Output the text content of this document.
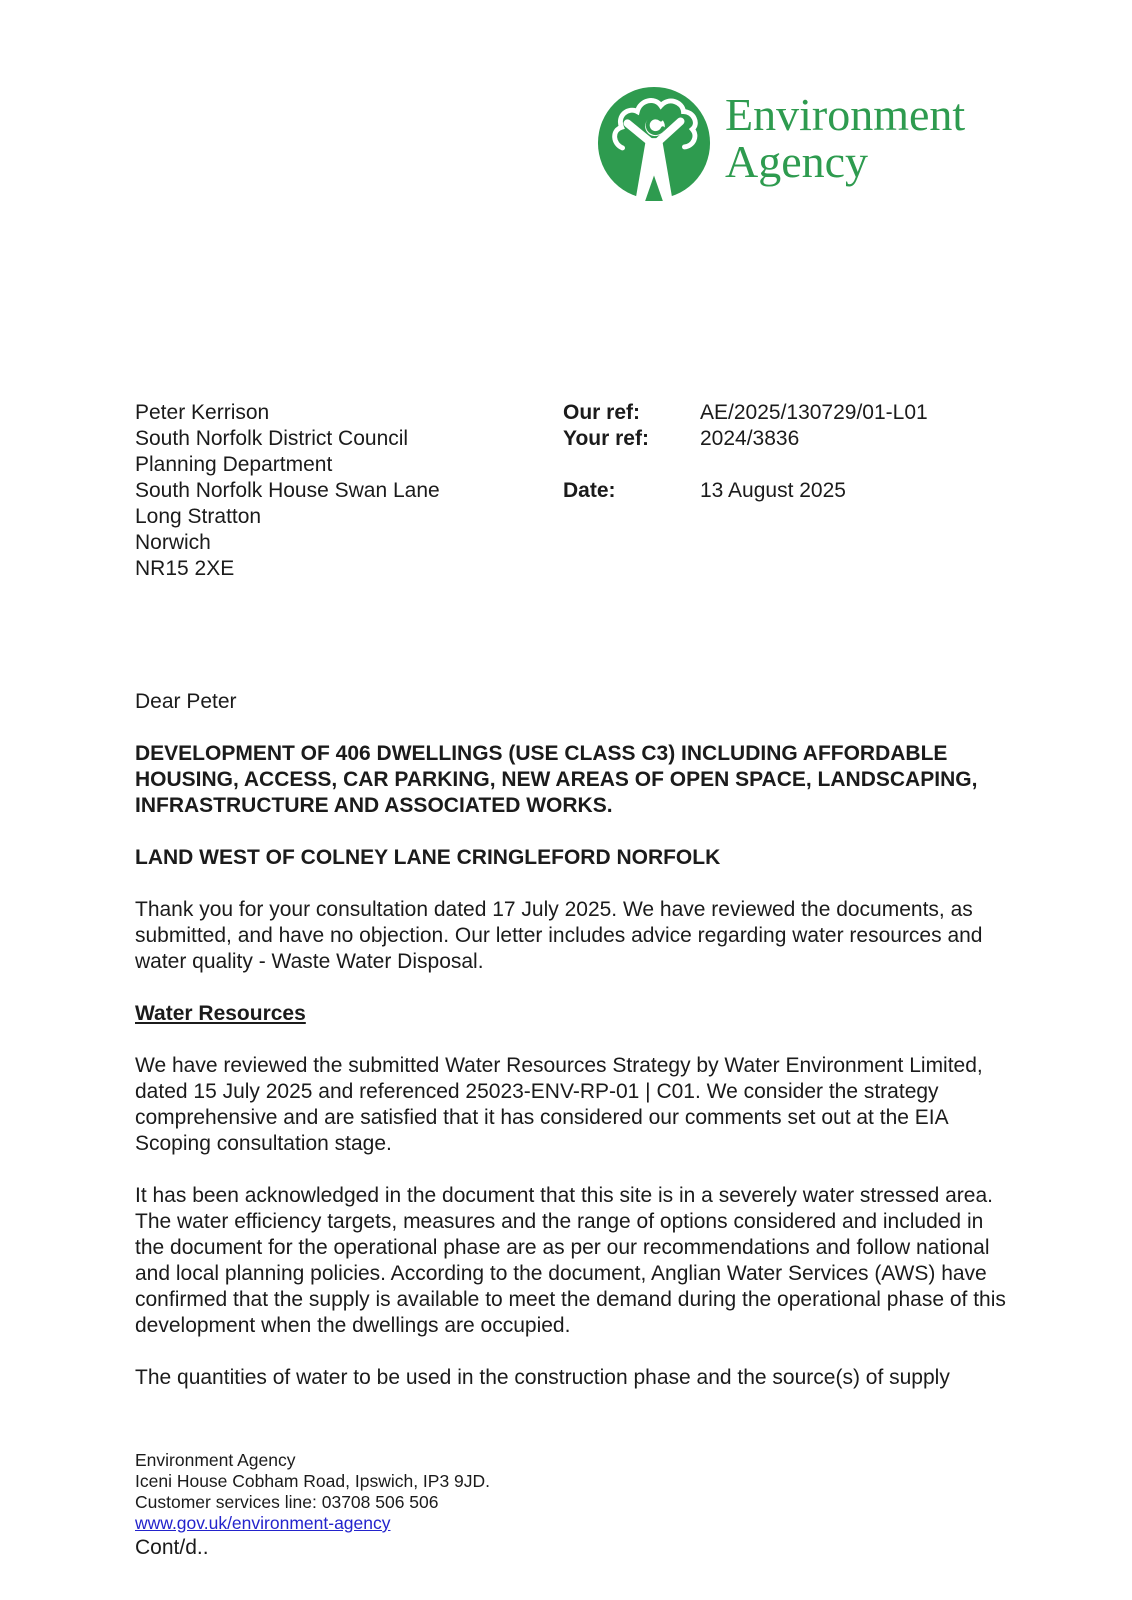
Environment
Agency
Peter Kerrison
South Norfolk District Council
Planning Department
South Norfolk House Swan Lane
Long Stratton
Norwich
NR15 2XE
Our ref:	AE/2025/130729/01-L01
Your ref:	2024/3836
Date:	13 August 2025

Dear Peter

DEVELOPMENT OF 406 DWELLINGS (USE CLASS C3) INCLUDING AFFORDABLE HOUSING, ACCESS, CAR PARKING, NEW AREAS OF OPEN SPACE, LANDSCAPING, INFRASTRUCTURE AND ASSOCIATED WORKS.

LAND WEST OF COLNEY LANE CRINGLEFORD NORFOLK

Thank you for your consultation dated 17 July 2025. We have reviewed the documents, as submitted, and have no objection. Our letter includes advice regarding water resources and water quality - Waste Water Disposal.

Water Resources

We have reviewed the submitted Water Resources Strategy by Water Environment Limited, dated 15 July 2025 and referenced 25023-ENV-RP-01 | C01. We consider the strategy comprehensive and are satisfied that it has considered our comments set out at the EIA Scoping consultation stage.

It has been acknowledged in the document that this site is in a severely water stressed area. The water efficiency targets, measures and the range of options considered and included in the document for the operational phase are as per our recommendations and follow national and local planning policies. According to the document, Anglian Water Services (AWS) have confirmed that the supply is available to meet the demand during the operational phase of this development when the dwellings are occupied.

The quantities of water to be used in the construction phase and the source(s) of supply

Environment Agency
Iceni House Cobham Road, Ipswich, IP3 9JD.
Customer services line: 03708 506 506
www.gov.uk/environment-agency
Cont/d..
